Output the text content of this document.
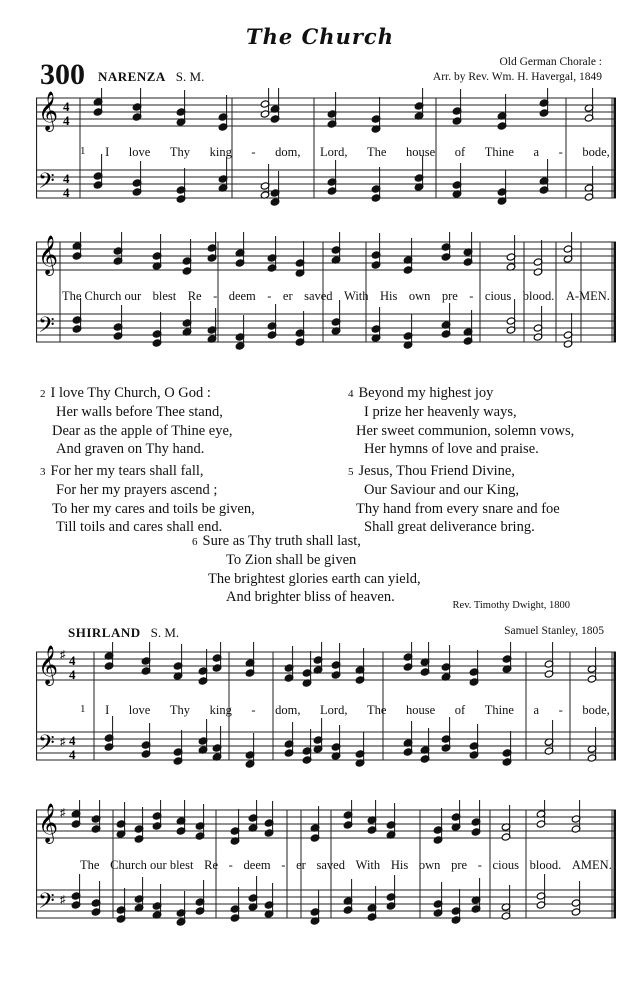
The Church
300 NARENZA S. M.
Old German Chorale :
Arr. by Rev. Wm. H. Havergal, 1849
𝄞
𝄢
4
4
4
4
1 I love Thy king - dom, Lord, The house of Thine a - bode,
𝄞
𝄢
The Church our blest Re - deem - er saved With His own pre - cious blood. A-MEN.
2 I love Thy Church, O God :
Her walls before Thee stand,
Dear as the apple of Thine eye,
And graven on Thy hand.
3 For her my tears shall fall,
For her my prayers ascend ;
To her my cares and toils be given,
Till toils and cares shall end.
4 Beyond my highest joy
I prize her heavenly ways,
Her sweet communion, solemn vows,
Her hymns of love and praise.
5 Jesus, Thou Friend Divine,
Our Saviour and our King,
Thy hand from every snare and foe
Shall great deliverance bring.
6 Sure as Thy truth shall last,
To Zion shall be given
The brightest glories earth can yield,
And brighter bliss of heaven.
Rev. Timothy Dwight, 1800
SHIRLAND S. M.	Samuel Stanley, 1805
𝄞
𝄢
♯
♯
4
4
4
4
1 I love Thy king - dom, Lord, The house of Thine a - bode,
𝄞
𝄢
♯
♯
The Church our blest Re - deem - er saved With His own pre - cious blood. AMEN.
